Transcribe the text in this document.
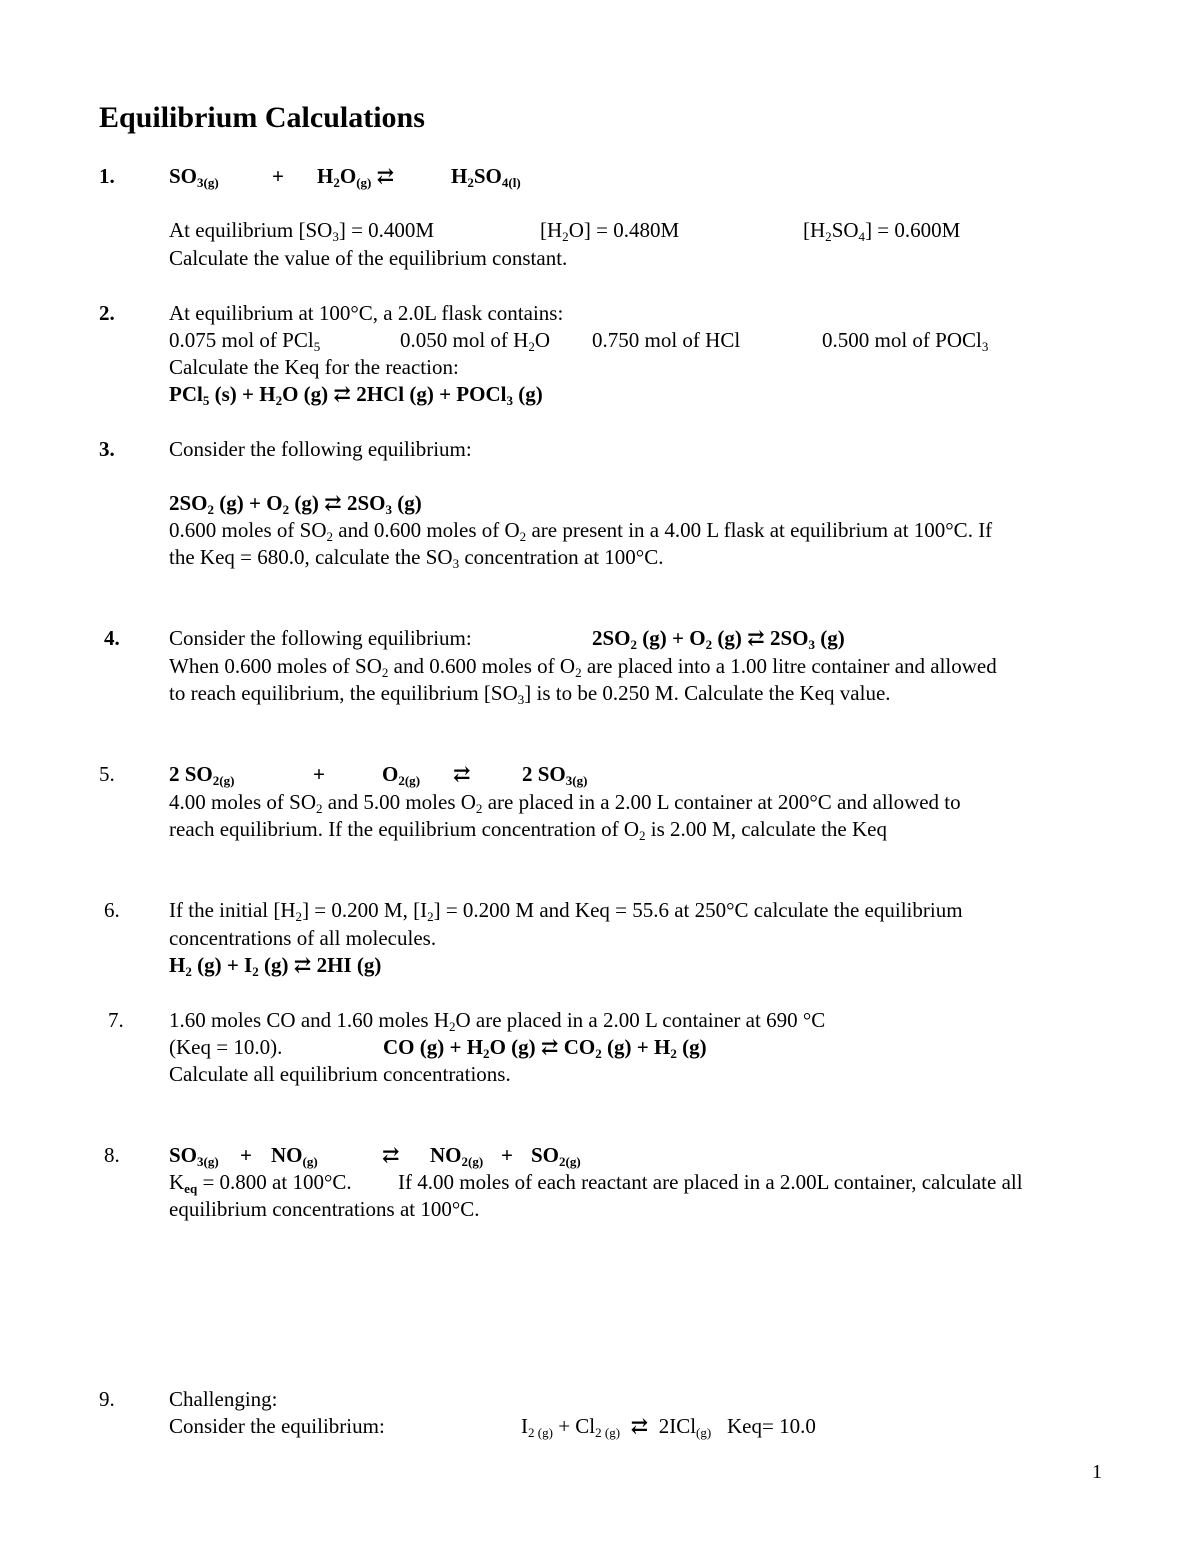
Equilibrium Calculations
1.	$SO_{3(g)}$	+ $H_2O_{(g)}$ ⇄	$H_2SO_{4(l)}$
At equilibrium $[SO_3] = 0.400M$	$[H_2O] = 0.480M$	$[H_2SO_4] = 0.600M$
Calculate the value of the equilibrium constant.
2.	At equilibrium at 100°C, a 2.0L flask contains:
0.075 mol of PCl$_5$	0.050 mol of $H_2O$ 0.750 mol of HCl	0.500 mol of POCl$_3$
Calculate the Keq for the reaction:
PCl$_5$ $(s) + H_2O$ (g) ⇄ 2HCl (g) + POCl$_3$ (g)
3.	Consider the following equilibrium:
$2SO_2$ $(g) + O_2$ (g) ⇄ $2SO_3$ (g)
0.600 moles of $SO_2$ and 0.600 moles of $O_2$ are present in a 4.00 L flask at equilibrium at 100°C. If
the Keq = 680.0, calculate the $SO_3$ concentration at 100°C.
4. Consider the following equilibrium:	$2SO_2$ $(g) + O_2$ (g) ⇄ $2SO_3$ (g)
When 0.600 moles of $SO_2$ and 0.600 moles of $O_2$ are placed into a 1.00 litre container and allowed
to reach equilibrium, the equilibrium $[SO_3]$ is to be 0.250 M. Calculate the Keq value.
5.	2 $SO_{2(g)}$	+	$O_{2(g)}$ ⇄ 2 $SO_{3(g)}$
4.00 moles of $SO_2$ and 5.00 moles $O_2$ are placed in a 2.00 L container at 200°C and allowed to
reach equilibrium. If the equilibrium concentration of $O_2$ is 2.00 M, calculate the Keq
6. If the initial $[H_2] = 0.200$ M, $[I_2] = 0.200$ M and Keq = 55.6 at 250°C calculate the equilibrium
concentrations of all molecules.
$H_2$ $(g) + I_2$ (g) ⇄ 2HI (g)
7. 1.60 moles CO and 1.60 moles $H_2O$ are placed in a 2.00 L container at 690 °C
(Keq = 10.0).	CO $(g) + H_2O$ (g) ⇄ $CO_2$ $(g) + H_2$ (g)
Calculate all equilibrium concentrations.
8. $SO_{3(g)} + NO_{(g)}$	⇄ $NO_{2(g)} + SO_{2(g)}$
$K_{eq} = 0.800$ at 100°C. If 4.00 moles of each reactant are placed in a 2.00L container, calculate all
equilibrium concentrations at 100°C.
9.	Challenging:
Consider the equilibrium:	$I_{2 (g)} + Cl_{2 (g)}$ ⇄ 2ICl$_{(g)}$ Keq= 10.0
1
